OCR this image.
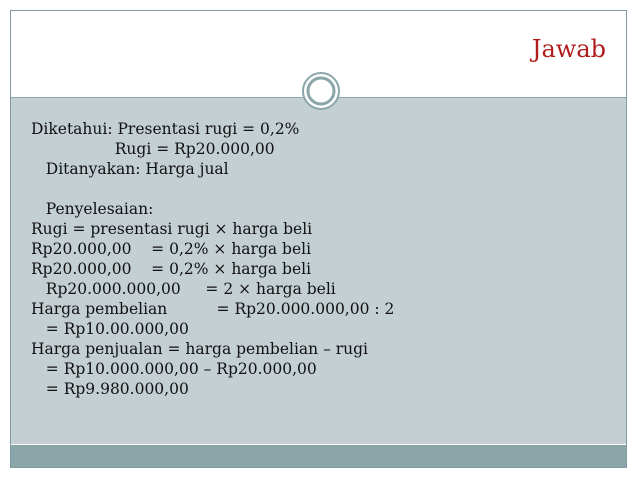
Jawab
Diketahui: Presentasi rugi = 0,2%
Rugi = Rp20.000,00
Ditanyakan: Harga jual
Penyelesaian:
Rugi = presentasi rugi × harga beli
Rp20.000,00    = 0,2% × harga beli
Rp20.000,00    = 0,2% × harga beli
Rp20.000.000,00     = 2 × harga beli
Harga pembelian          = Rp20.000.000,00 : 2
= Rp10.00.000,00
Harga penjualan = harga pembelian – rugi
= Rp10.000.000,00 – Rp20.000,00
= Rp9.980.000,00
